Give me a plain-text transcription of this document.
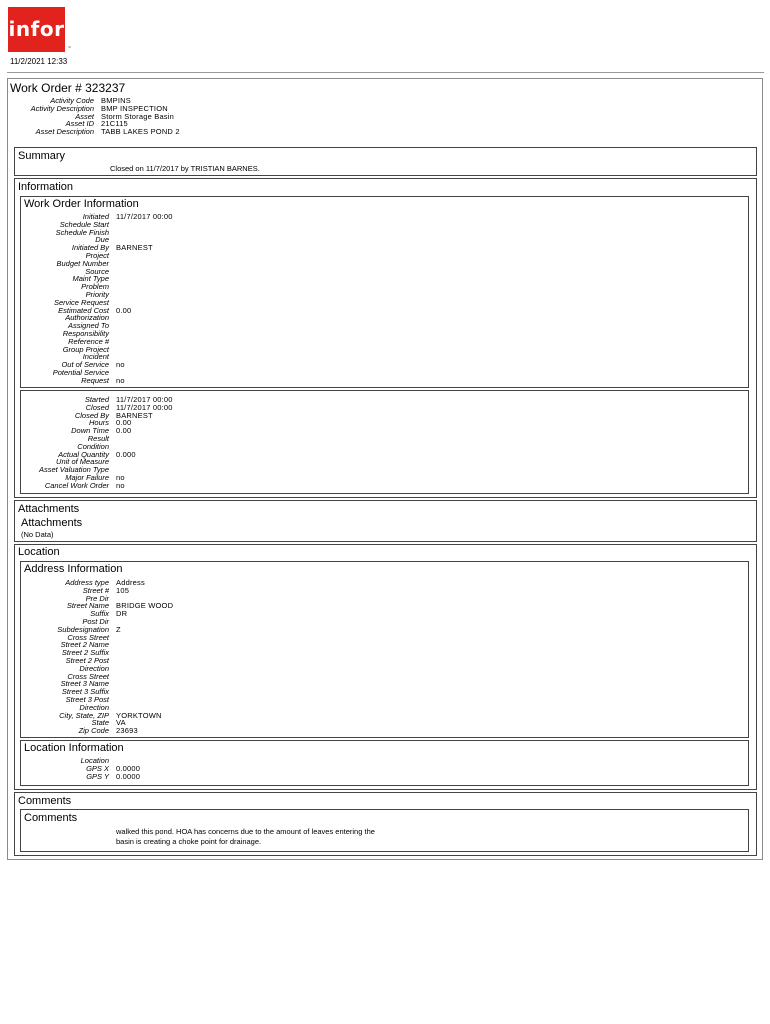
infor
™
11/2/2021 12:33
Work Order # 323237
Activity Code BMPINS
Activity Description BMP INSPECTION
Asset Storm Storage Basin
Asset ID 21C115
Asset Description TABB LAKES POND 2
Summary
Closed on 11/7/2017 by TRISTIAN BARNES.
Information
Work Order Information
Initiated 11/7/2017 00:00
Schedule Start
Schedule Finish
Due
Initiated By BARNEST
Project
Budget Number
Source
Maint Type
Problem
Priority
Service Request
Estimated Cost 0.00
Authorization
Assigned To
Responsibility
Reference #
Group Project
Incident
Out of Service no
Potential Service
Request no
Started 11/7/2017 00:00
Closed 11/7/2017 00:00
Closed By BARNEST
Hours 0.00
Down Time 0.00
Result
Condition
Actual Quantity 0.000
Unit of Measure
Asset Valuation Type
Major Failure no
Cancel Work Order no
Attachments
Attachments
(No Data)
Location
Address Information
Address type Address
Street # 105
Pre Dir
Street Name BRIDGE WOOD
Suffix DR
Post Dir
Subdesignation Z
Cross Street
Street 2 Name
Street 2 Suffix
Street 2 Post
Direction
Cross Street
Street 3 Name
Street 3 Suffix
Street 3 Post
Direction
City, State, ZIP YORKTOWN
State VA
Zip Code 23693
Location Information
Location
GPS X 0.0000
GPS Y 0.0000
Comments
Comments
walked this pond. HOA has concerns due to the amount of leaves entering the
basin is creating a choke point for drainage.
